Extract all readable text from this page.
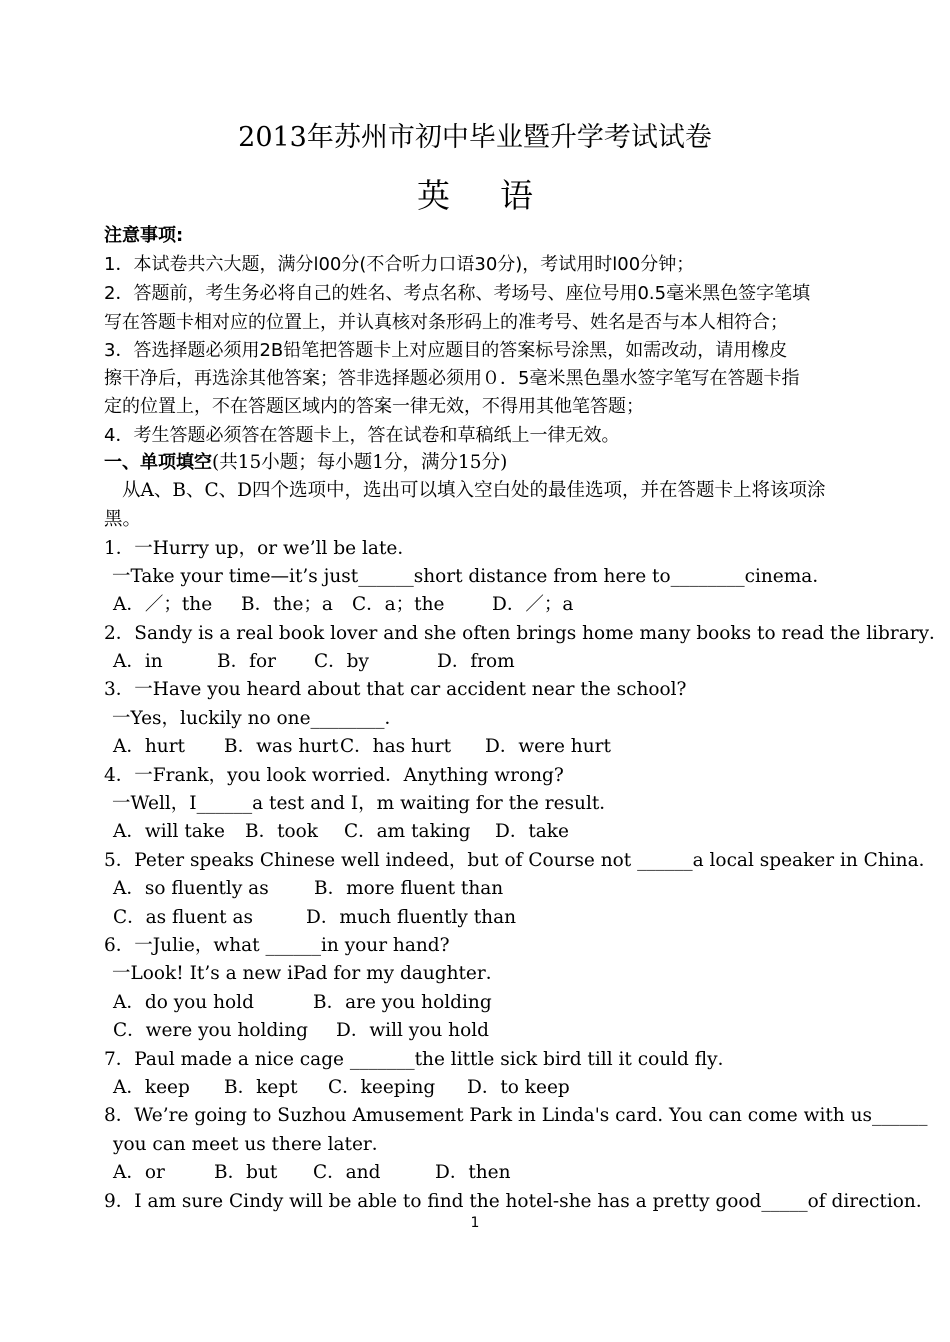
2013年苏州市初中毕业暨升学考试试卷
英语
注意事项:
1．本试卷共六大题，满分l00分(不合听力口语30分)，考试用时l00分钟；
2．答题前，考生务必将自己的姓名、考点名称、考场号、座位号用0.5毫米黑色签字笔填
写在答题卡相对应的位置上，并认真核对条形码上的准考号、姓名是否与本人相符合；
3．答选择题必须用2B铅笔把答题卡上对应题目的答案标号涂黑，如需改动，请用橡皮
擦干净后，再选涂其他答案；答非选择题必须用０．5毫米黑色墨水签字笔写在答题卡指
定的位置上，不在答题区域内的答案一律无效，不得用其他笔答题；
4．考生答题必须答在答题卡上，答在试卷和草稿纸上一律无效。
一、单项填空(共15小题；每小题1分，满分15分)
从A、B、C、D四个选项中，选出可以填入空白处的最佳选项，并在答题卡上将该项涂
黑。
1．一Hurry up，or we’ll be late．
一Take your time—it’s just______short distance from here to________cinema．
A．／；the B．the；a C．a；the	D．／；a
2．Sandy is a real book lover and she often brings home many books to read the library．
A．in	B．for C．by	D．from
3．一Have you heard about that car accident near the school?
一Yes，luckily no one________．
A．hurt B．was hurt C．has hurt D．were hurt
4．一Frank，you look worried．Anything wrong?
一Well，I______a test and I，m waiting for the result．
A．will take B．took C．am taking D．take
5．Peter speaks Chinese well indeed，but of Course not ______a local speaker in China．
A．so fluently as B．more fluent than
C．as fluent as	D．much fluently than
6．一Julie，what ______in your hand?
一Look! It’s a new iPad for my daughter．
A．do you hold	B．are you holding
C．were you holding D．will you hold
7．Paul made a nice cage _______the little sick bird till it could fly．
A．keep B．kept C．keeping D．to keep
8．We’re going to Suzhou Amusement Park in Linda's card. You can come with us______
you can meet us there later．
A．or	B．but C．and	D．then
9．I am sure Cindy will be able to find the hotel-she has a pretty good_____of direction．
1
